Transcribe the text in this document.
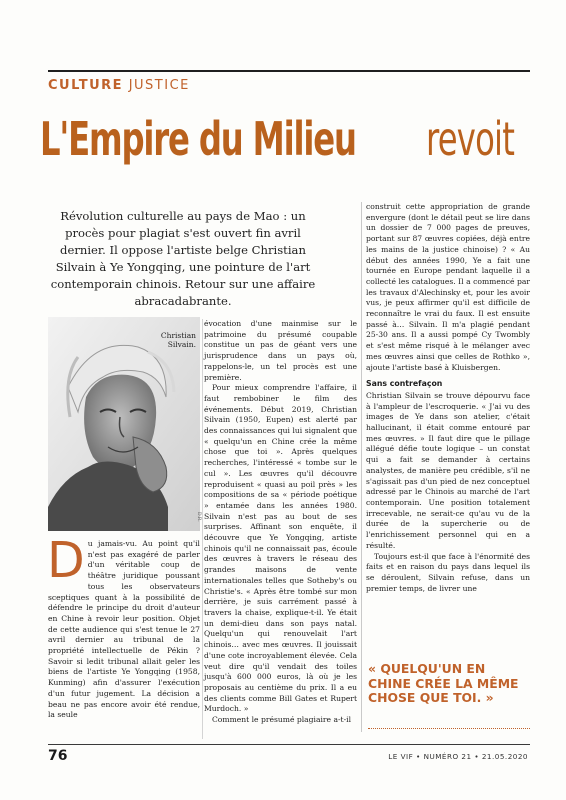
CULTURE JUSTICE
L'Empire du Milieu revoit
Révolution culturelle au pays de Mao : un procès pour plagiat s'est ouvert fin avril dernier. Il oppose l'artiste belge Christian Silvain à Ye Yongqing, une pointure de l'art contemporain chinois. Retour sur une affaire abracadabrante.
Christian Silvain.
D.R.
D u jamais-vu. Au point qu'il n'est pas exagéré de parler d'un véritable coup de théâtre juridique poussant tous les observateurs sceptiques quant à la possibilité de défendre le principe du droit d'auteur en Chine à revoir leur position. Objet de cette audience qui s'est tenue le 27 avril dernier au tribunal de la propriété intellectuelle de Pékin ? Savoir si ledit tribunal allait geler les biens de l'artiste Ye Yongqing (1958, Kunming) afin d'assurer l'exécution d'un futur jugement. La décision a beau ne pas encore avoir été rendue, la seule

évocation d'une mainmise sur le patrimoine du présumé coupable constitue un pas de géant vers une jurisprudence dans un pays où, rappelons-le, un tel procès est une première.

Pour mieux comprendre l'affaire, il faut rembobiner le film des événements. Début 2019, Christian Silvain (1950, Eupen) est alerté par des connaissances qui lui signalent que « quelqu'un en Chine crée la même chose que toi ». Après quelques recherches, l'intéressé « tombe sur le cul ». Les œuvres qu'il découvre reproduisent « quasi au poil près » les compositions de sa « période poétique » entamée dans les années 1980. Silvain n'est pas au bout de ses surprises. Affinant son enquête, il découvre que Ye Yongqing, artiste chinois qu'il ne connaissait pas, écoule des œuvres à travers le réseau des grandes maisons de vente internationales telles que Sotheby's ou Christie's. « Après être tombé sur mon derrière, je suis carrément passé à travers la chaise, explique-t-il. Ye était un demi-dieu dans son pays natal. Quelqu'un qui renouvelait l'art chinois… avec mes œuvres. Il jouissait d'une cote incroyablement élevée. Cela veut dire qu'il vendait des toiles jusqu'à 600 000 euros, là où je les proposais au centième du prix. Il a eu des clients comme Bill Gates et Rupert Murdoch. »

Comment le présumé plagiaire a-t-il

construit cette appropriation de grande envergure (dont le détail peut se lire dans un dossier de 7 000 pages de preuves, portant sur 87 œuvres copiées, déjà entre les mains de la justice chinoise) ? « Au début des années 1990, Ye a fait une tournée en Europe pendant laquelle il a collecté les catalogues. Il a commencé par les travaux d'Alechinsky et, pour les avoir vus, je peux affirmer qu'il est difficile de reconnaître le vrai du faux. Il est ensuite passé à… Silvain. Il m'a plagié pendant 25-30 ans. Il a aussi pompé Cy Twombly et s'est même risqué à le mélanger avec mes œuvres ainsi que celles de Rothko », ajoute l'artiste basé à Kluisbergen.

Sans contrefaçon

Christian Silvain se trouve dépourvu face à l'ampleur de l'escroquerie. « J'ai vu des images de Ye dans son atelier, c'était hallucinant, il était comme entouré par mes œuvres. » Il faut dire que le pillage allégué défie toute logique – un constat qui a fait se demander à certains analystes, de manière peu crédible, s'il ne s'agissait pas d'un pied de nez conceptuel adressé par le Chinois au marché de l'art contemporain. Une position totalement irrecevable, ne serait-ce qu'au vu de la durée de la supercherie ou de l'enrichissement personnel qui en a résulté.

Toujours est-il que face à l'énormité des faits et en raison du pays dans lequel ils se déroulent, Silvain refuse, dans un premier temps, de livrer une

« QUELQU'UN EN CHINE CRÉE LA MÊME CHOSE QUE TOI. »
76	LE VIF • NUMÉRO 21 • 21.05.2020
